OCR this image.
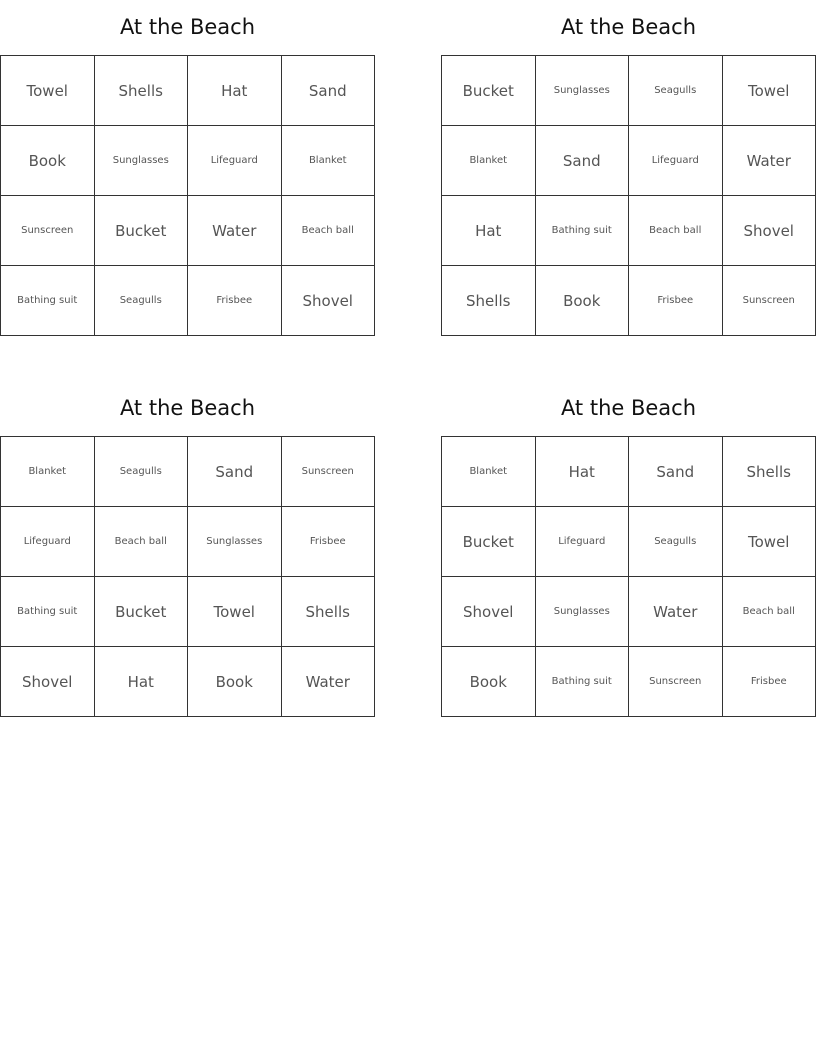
At the Beach
Towel	Shells	Hat	Sand
Book	Sunglasses	Lifeguard	Blanket
Sunscreen	Bucket	Water	Beach ball
Bathing suit	Seagulls	Frisbee	Shovel
At the Beach
Bucket	Sunglasses	Seagulls	Towel
Blanket	Sand	Lifeguard	Water
Hat	Bathing suit	Beach ball	Shovel
Shells	Book	Frisbee	Sunscreen
At the Beach
Blanket	Seagulls	Sand	Sunscreen
Lifeguard	Beach ball	Sunglasses	Frisbee
Bathing suit	Bucket	Towel	Shells
Shovel	Hat	Book	Water
At the Beach
Blanket	Hat	Sand	Shells
Bucket	Lifeguard	Seagulls	Towel
Shovel	Sunglasses	Water	Beach ball
Book	Bathing suit	Sunscreen	Frisbee
